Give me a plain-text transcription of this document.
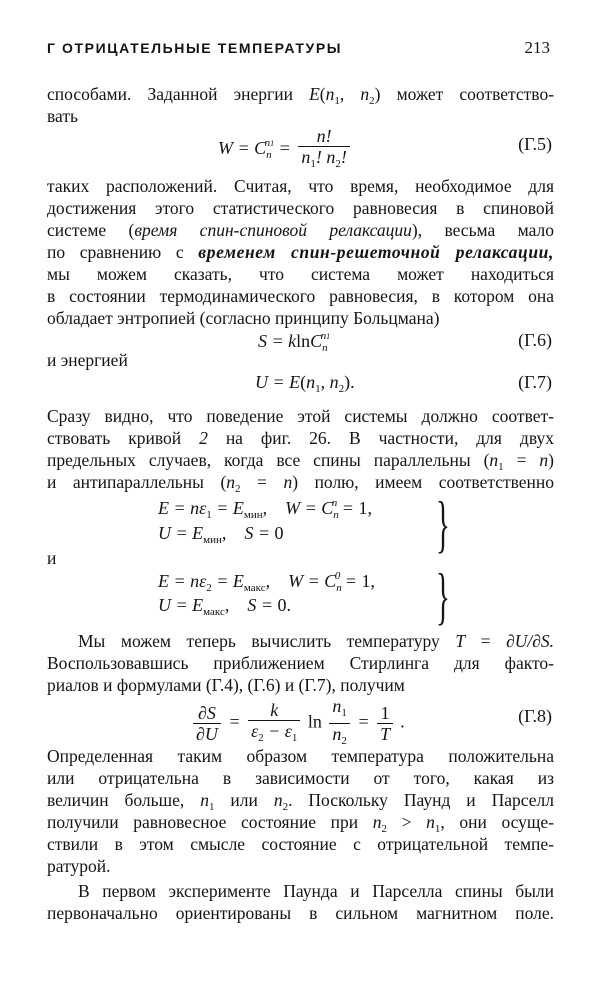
Г ОТРИЦАТЕЛЬНЫЕ ТЕМПЕРАТУРЫ	213
способами. Заданной энергии $E(n_1$, $n_2$) может соответство-
вать
$W = C_n^{n1} = \frac{n!}{n_1! n_2!}$	(Г.5)
таких расположений. Считая, что время, необходимое для
достижения этого статистического равновесия в спиновой
системе (время спин-спиновой релаксации), весьма мало
по сравнению с временем спин-решеточной релаксации,
мы можем сказать, что система может находиться
в состоянии термодинамического равновесия, в котором она
обладает энтропией (согласно принципу Больцмана)
S = klnC$_n^{n1}$	(Г.6)
и энергией
$U = E(n_1$, $n_2$).	(Г.7)
Сразу видно, что поведение этой системы должно соответ-
ствовать кривой 2 на фиг. 26. В частности, для двух
предельных случаев, когда все спины параллельны $(n_1 = n)$
и антипараллельны $(n_2 = n)$ полю, имеем соответственно
$E = n\varepsilon_1 = E_{мин}$,    $W = C_n^n = 1$,
$U = E_{мин}$,    S = 0 }
и
$E = n\varepsilon_2 = E_{макс}$,    $W = C_n^0 = 1$,
$U = E_{макс}$,    S = 0. }
Мы можем теперь вычислить температуру T = ∂U/∂S.
Воспользовавшись приближением Стирлинга для факто-
риалов и формулами (Г.4), (Г.6) и (Г.7), получим
$\frac{\partial S}{\partial U} = \frac{k}{\varepsilon_2 - \varepsilon_1}$ $\ln \frac{n_1}{n_2} = \frac{1}{T}$ .	(Г.8)
Определенная таким образом температура положительна
или отрицательна в зависимости от того, какая из
величин больше, $n_1$ или $n_2$. Поскольку Паунд и Парселл
получили равновесное состояние при $n_2 > n_1$, они осуще-
ствили в этом смысле состояние с отрицательной темпе-
ратурой.
В первом эксперименте Паунда и Парселла спины были
первоначально ориентированы в сильном магнитном поле.
